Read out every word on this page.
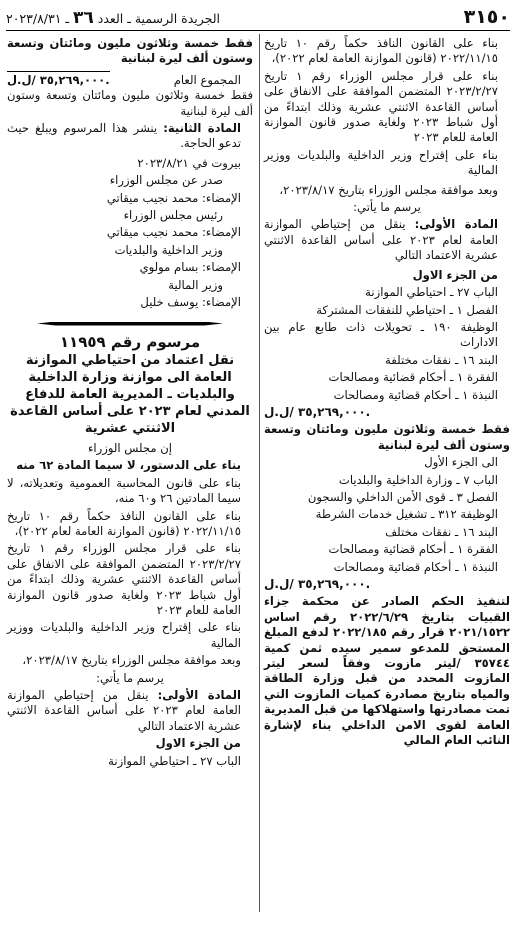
٣١٥٠
الجريدة الرسمية ـ العدد ٣٦ ـ ٢٠٢٣/٨/٣١

بناء على القانون النافذ حكماً رقم ١٠ تاريخ ٢٠٢٢/١١/١٥ (قانون الموازنة العامة لعام ٢٠٢٢)،

بناء على قرار مجلس الوزراء رقم ١ تاريخ ٢٠٢٣/٢/٢٧ المتضمن الموافقة على الانفاق على أساس القاعدة الاثنتي عشرية وذلك ابتداءً من أول شباط ٢٠٢٣ ولغاية صدور قانون الموازنة العامة للعام ٢٠٢٣

بناء على إقتراح وزير الداخلية والبلديات ووزير المالية

وبعد موافقة مجلس الوزراء بتاريخ ٢٠٢٣/٨/١٧،

يرسم ما يأتي:

المادة الأولى: ينقل من إحتياطي الموازنة العامة لعام ٢٠٢٣ على أساس القاعدة الاثنتي عشرية الاعتماد التالي

من الجزء الاول

الباب ٢٧ ـ احتياطي الموازنة

الفصل ١ ـ احتياطي للنفقات المشتركة

الوظيفة ١٩٠ ـ تحويلات ذات طابع عام بين الادارات

البند ١٦ ـ نفقات مختلفة

الفقرة ١ ـ أحكام قضائية ومصالحات

النبذة ١ ـ أحكام قضائية ومصالحات

٣٥,٢٦٩,٠٠٠ /ل.ل.

فقط خمسة وثلاثون مليون ومائتان وتسعة وستون ألف ليرة لبنانية

الى الجزء الأول

الباب ٧ ـ وزارة الداخلية والبلديات

الفصل ٣ ـ قوى الأمن الداخلي والسجون

الوظيفة ٣١٢ ـ تشغيل خدمات الشرطة

البند ١٦ ـ نفقات مختلف

الفقرة ١ ـ أحكام قضائية ومصالحات

النبذة ١ ـ أحكام قضائية ومصالحات

٣٥,٢٦٩,٠٠٠ /ل.ل.

لتنفيذ الحكم الصادر عن محكمة جزاء القبيات بتاريخ ٢٠٢٢/٦/٢٩ رقم اساس ٢٠٢١/١٥٢٢ قرار رقم ٢٠٢٢/١٨٥ لدفع المبلغ المستحق للمدعو سمير سيده ثمن كمية ٣٥٧٤٤ /ليتر مازوت وفقاً لسعر ليتر المازوت المحدد من قبل وزارة الطاقة والمياه بتاريخ مصادرة كميات المازوت التي تمت مصادرتها واستهلاكها من قبل المديرية العامة لقوى الامن الداخلي بناء لإشارة النائب العام المالي

فقط خمسة وثلاثون مليون ومائتان وتسعة وستون ألف ليرة لبنانية

المجموع العام
٣٥,٢٦٩,٠٠٠ /ل.ل.

فقط خمسة وثلاثون مليون ومائتان وتسعة وستون ألف ليرة لبنانية

المادة الثانية: ينشر هذا المرسوم ويبلغ حيث تدعو الحاجة.

بيروت في ٢٠٢٣/٨/٢١

صدر عن مجلس الوزراء

الإمضاء: محمد نجيب ميقاتي

رئيس مجلس الوزراء

الإمضاء: محمد نجيب ميقاتي

وزير الداخلية والبلديات

الإمضاء: بسام مولوي

وزير المالية

الإمضاء: يوسف خليل

مرسوم رقم ١١٩٥٩

نقل اعتماد من احتياطي الموازنة العامة الى موازنة وزارة الداخلية والبلديات ـ المديرية العامة للدفاع المدني لعام ٢٠٢٣ على أساس القاعدة الاثنتي عشرية

إن مجلس الوزراء

بناء على الدستور، لا سيما المادة ٦٢ منه

بناء على قانون المحاسبة العمومية وتعديلاته، لا سيما المادتين ٢٦ و٦٠ منه،

بناء على القانون النافذ حكماً رقم ١٠ تاريخ ٢٠٢٢/١١/١٥ (قانون الموازنة العامة لعام ٢٠٢٢)،

بناء على قرار مجلس الوزراء رقم ١ تاريخ ٢٠٢٣/٢/٢٧ المتضمن الموافقة على الانفاق على أساس القاعدة الاثنتي عشرية وذلك ابتداءً من أول شباط ٢٠٢٣ ولغاية صدور قانون الموازنة العامة للعام ٢٠٢٣

بناء على إقتراح وزير الداخلية والبلديات ووزير المالية

وبعد موافقة مجلس الوزراء بتاريخ ٢٠٢٣/٨/١٧،

يرسم ما يأتي:

المادة الأولى: ينقل من إحتياطي الموازنة العامة لعام ٢٠٢٣ على أساس القاعدة الاثنتي عشرية الاعتماد التالي

من الجزء الاول

الباب ٢٧ ـ احتياطي الموازنة
